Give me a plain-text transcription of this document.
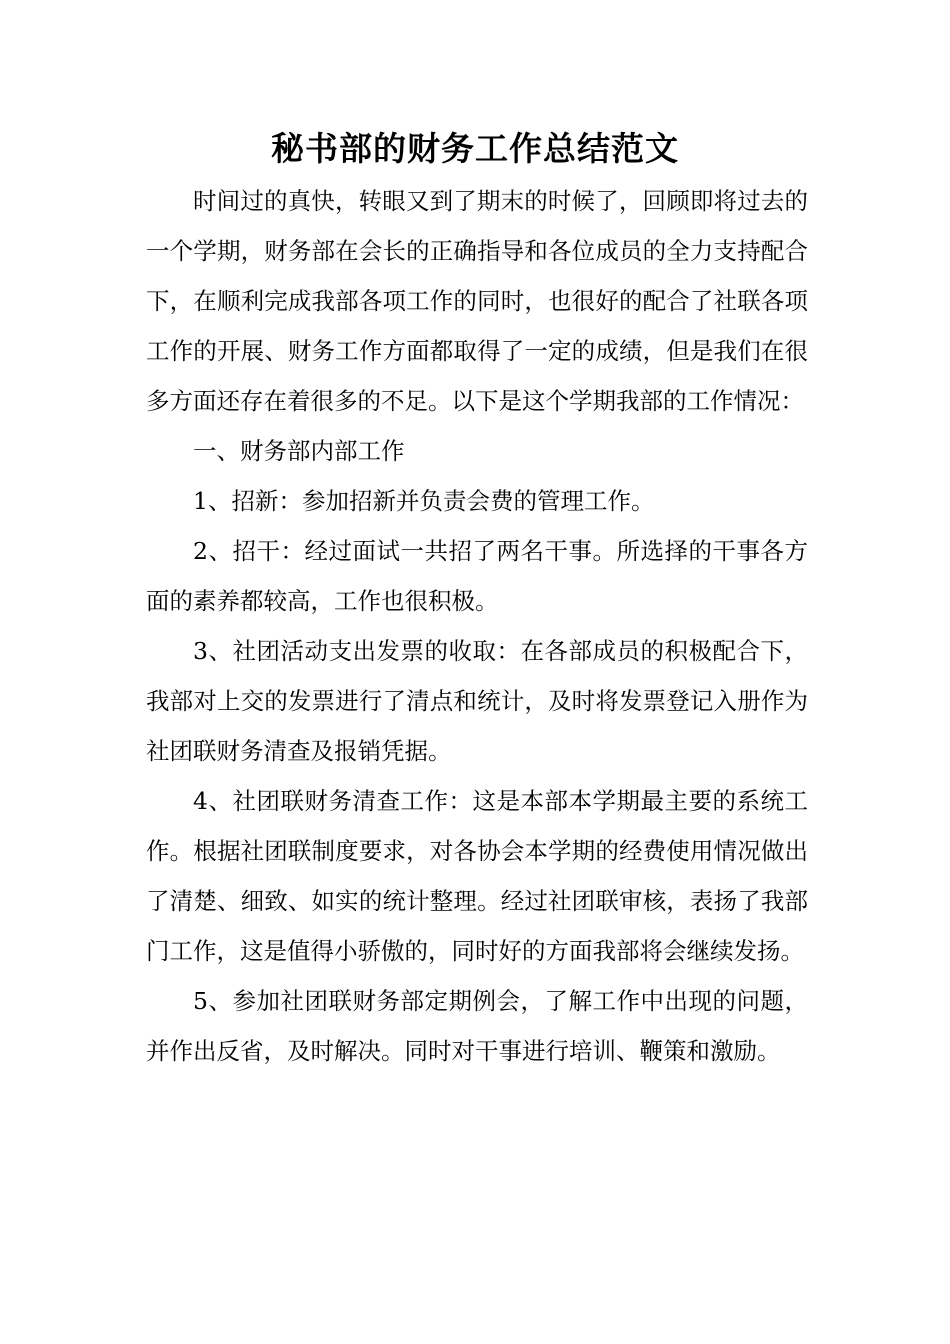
秘书部的财务工作总结范文

时间过的真快，转眼又到了期末的时候了，回顾即将过去的一个学期，财务部在会长的正确指导和各位成员的全力支持配合下，在顺利完成我部各项工作的同时，也很好的配合了社联各项工作的开展、财务工作方面都取得了一定的成绩，但是我们在很多方面还存在着很多的不足。以下是这个学期我部的工作情况：

一、财务部内部工作

1、招新：参加招新并负责会费的管理工作。

2、招干：经过面试一共招了两名干事。所选择的干事各方面的素养都较高，工作也很积极。

3、社团活动支出发票的收取：在各部成员的积极配合下，我部对上交的发票进行了清点和统计，及时将发票登记入册作为社团联财务清查及报销凭据。

4、社团联财务清查工作：这是本部本学期最主要的系统工作。根据社团联制度要求，对各协会本学期的经费使用情况做出了清楚、细致、如实的统计整理。经过社团联审核，表扬了我部门工作，这是值得小骄傲的，同时好的方面我部将会继续发扬。

5、参加社团联财务部定期例会，了解工作中出现的问题，并作出反省，及时解决。同时对干事进行培训、鞭策和激励。
